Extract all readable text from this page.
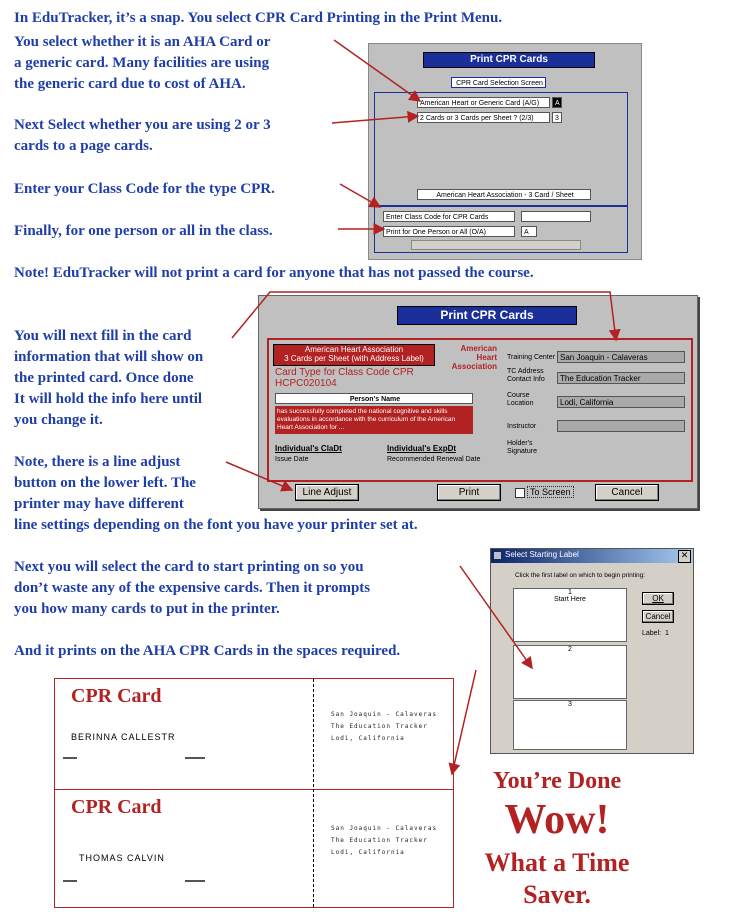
In EduTracker, it’s a snap. You select CPR Card Printing in the Print Menu.
You select whether it is an AHA Card or
a generic card. Many facilities are using
the generic card due to cost of AHA.
Next Select whether you are using 2 or 3
cards to a page cards.
Enter your Class Code for the type CPR.
Finally, for one person or all in the class.
Note! EduTracker will not print a card for anyone that has not passed the course.
Print CPR Cards
CPR Card Selection Screen
American Heart or Generic Card (A/G)	A
2 Cards or 3 Cards per Sheet ? (2/3)	3
American Heart Association - 3 Card / Sheet
Enter Class Code for CPR Cards
Print for One Person or All (O/A)	A
You will next fill in the card
information that will show on
the printed card. Once done
It will hold the info here until
you change it.
Note, there is a line adjust
button on the lower left. The
printer may have different
line settings depending on the font you have your printer set at.
Print CPR Cards
American Heart Association
3 Cards per Sheet (with Address Label)
American Heart Association
Card Type for Class Code CPR
HCPC020104
Person's Name
has successfully completed the national cognitive and skills evaluations in accordance with the curriculum of the American Heart Association for ...
Individual's ClaDt	Individual's ExpDt
Issue Date	Recommended Renewal Date
Training Center San Joaquin - Calaveras
TC Address Contact Info	The Education Tracker
Course Location	Lodi, California
Instructor
Holder's Signature
Line Adjust	Print	To Screen	Cancel
Next you will select the card to start printing on so you
don’t waste any of the expensive cards. Then it prompts
you how many cards to put in the printer.
And it prints on the AHA CPR Cards in the spaces required.
Select Starting Label	✕
Click the first label on which to begin printing:
1
Start Here
2
3
OK
Cancel
Label: 1
CPR Card
BERINNA CALLESTR
San Joaquin - Calaveras
The Education Tracker
Lodi, California
CPR Card
THOMAS CALVIN
San Joaquin - Calaveras
The Education Tracker
Lodi, California
You’re Done
Wow!
What a Time
Saver.
